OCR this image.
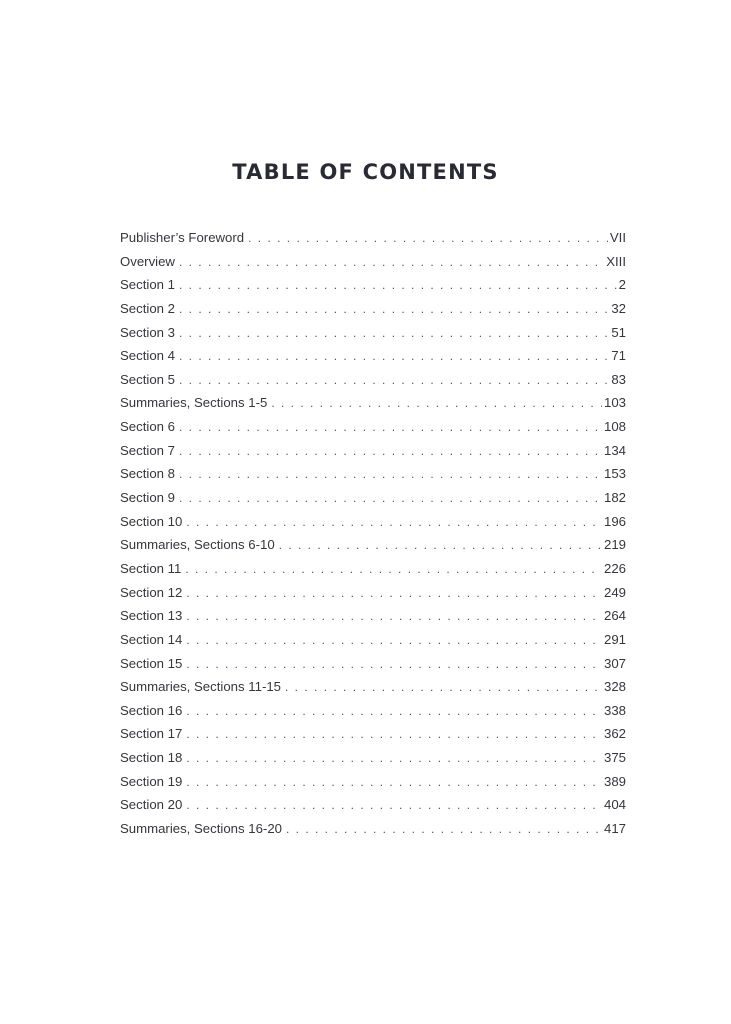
TABLE OF CONTENTS
Publisher’s Foreword . . .	VII
Overview . . .	XIII
Section 1 . . .	2
Section 2 . . .	32
Section 3 . . .	51
Section 4 . . .	71
Section 5 . . .	83
Summaries, Sections 1-5 . . .	103
Section 6 . . .	108
Section 7 . . .	134
Section 8 . . .	153
Section 9 . . .	182
Section 10 . . .	196
Summaries, Sections 6-10 . . .	219
Section 11 . . .	226
Section 12 . . .	249
Section 13 . . .	264
Section 14 . . .	291
Section 15 . . .	307
Summaries, Sections 11-15 . . .	328
Section 16 . . .	338
Section 17 . . .	362
Section 18 . . .	375
Section 19 . . .	389
Section 20 . . .	404
Summaries, Sections 16-20 . . .	417
